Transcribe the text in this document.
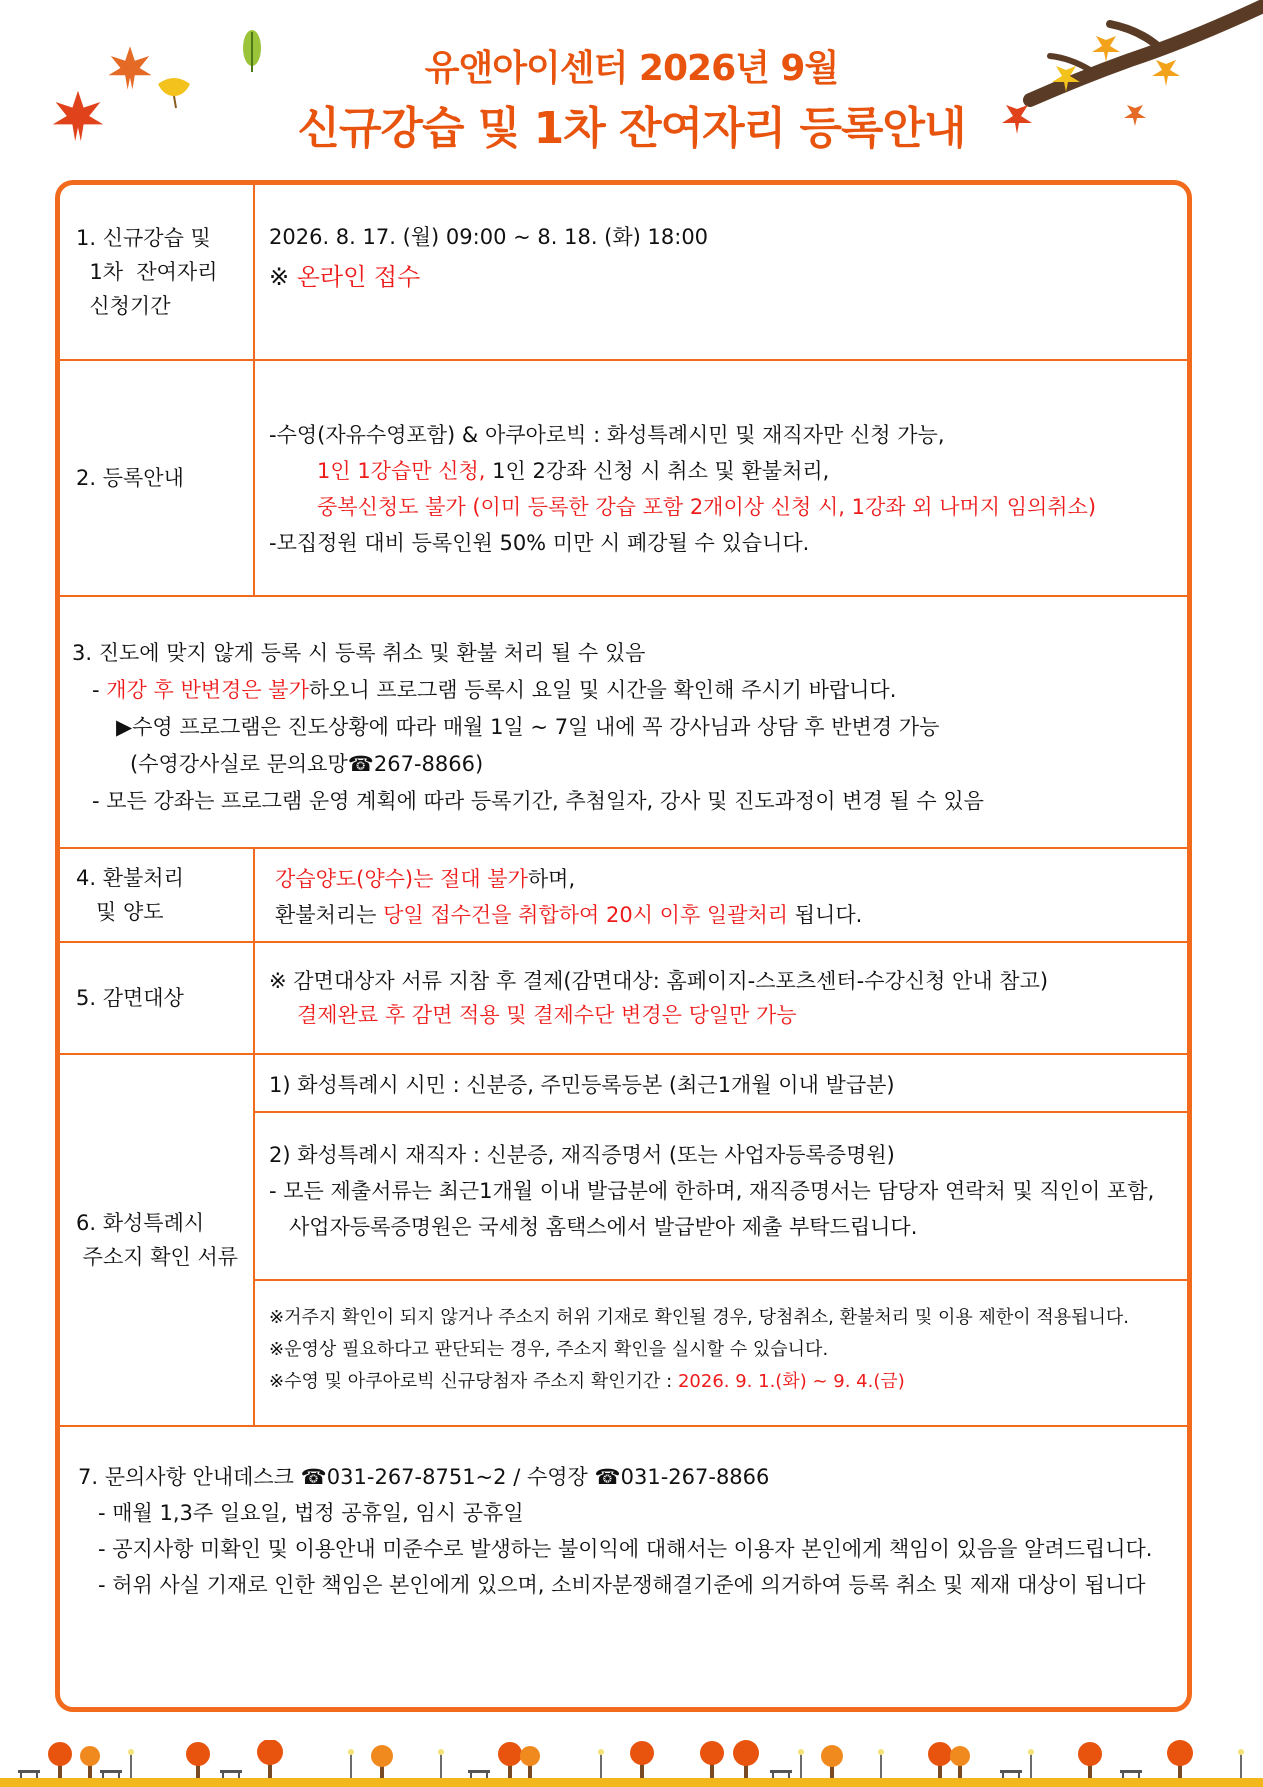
유앤아이센터 2026년 9월
신규강습 및 1차 잔여자리 등록안내
1. 신규강습 및
1차  잔여자리
신청기간
2026. 8. 17. (월) 09:00 ~ 8. 18. (화) 18:00
※ 온라인 접수
2. 등록안내
-수영(자유수영포함) & 아쿠아로빅 : 화성특례시민 및 재직자만 신청 가능,
1인 1강습만 신청, 1인 2강좌 신청 시 취소 및 환불처리,
중복신청도 불가 (이미 등록한 강습 포함 2개이상 신청 시, 1강좌 외 나머지 임의취소)
-모집정원 대비 등록인원 50% 미만 시 폐강될 수 있습니다.
3. 진도에 맞지 않게 등록 시 등록 취소 및 환불 처리 될 수 있음
- 개강 후 반변경은 불가하오니 프로그램 등록시 요일 및 시간을 확인해 주시기 바랍니다.
▶수영 프로그램은 진도상황에 따라 매월 1일 ~ 7일 내에 꼭 강사님과 상담 후 반변경 가능
(수영강사실로 문의요망☎267-8866)
- 모든 강좌는 프로그램 운영 계획에 따라 등록기간, 추첨일자, 강사 및 진도과정이 변경 될 수 있음
4. 환불처리
및 양도
강습양도(양수)는 절대 불가하며,
환불처리는 당일 접수건을 취합하여 20시 이후 일괄처리 됩니다.
5. 감면대상
※ 감면대상자 서류 지참 후 결제(감면대상: 홈페이지-스포츠센터-수강신청 안내 참고)
결제완료 후 감면 적용 및 결제수단 변경은 당일만 가능
6. 화성특례시
주소지 확인 서류
1) 화성특례시 시민 : 신분증, 주민등록등본 (최근1개월 이내 발급분)
2) 화성특례시 재직자 : 신분증, 재직증명서 (또는 사업자등록증명원)
- 모든 제출서류는 최근1개월 이내 발급분에 한하며, 재직증명서는 담당자 연락처 및 직인이 포함,
사업자등록증명원은 국세청 홈택스에서 발급받아 제출 부탁드립니다.
※거주지 확인이 되지 않거나 주소지 허위 기재로 확인될 경우, 당첨취소, 환불처리 및 이용 제한이 적용됩니다.
※운영상 필요하다고 판단되는 경우, 주소지 확인을 실시할 수 있습니다.
※수영 및 아쿠아로빅 신규당첨자 주소지 확인기간 : 2026. 9. 1.(화) ~ 9. 4.(금)
7. 문의사항 안내데스크 ☎031-267-8751~2 / 수영장 ☎031-267-8866
- 매월 1,3주 일요일, 법정 공휴일, 임시 공휴일
- 공지사항 미확인 및 이용안내 미준수로 발생하는 불이익에 대해서는 이용자 본인에게 책임이 있음을 알려드립니다.
- 허위 사실 기재로 인한 책임은 본인에게 있으며, 소비자분쟁해결기준에 의거하여 등록 취소 및 제재 대상이 됩니다
